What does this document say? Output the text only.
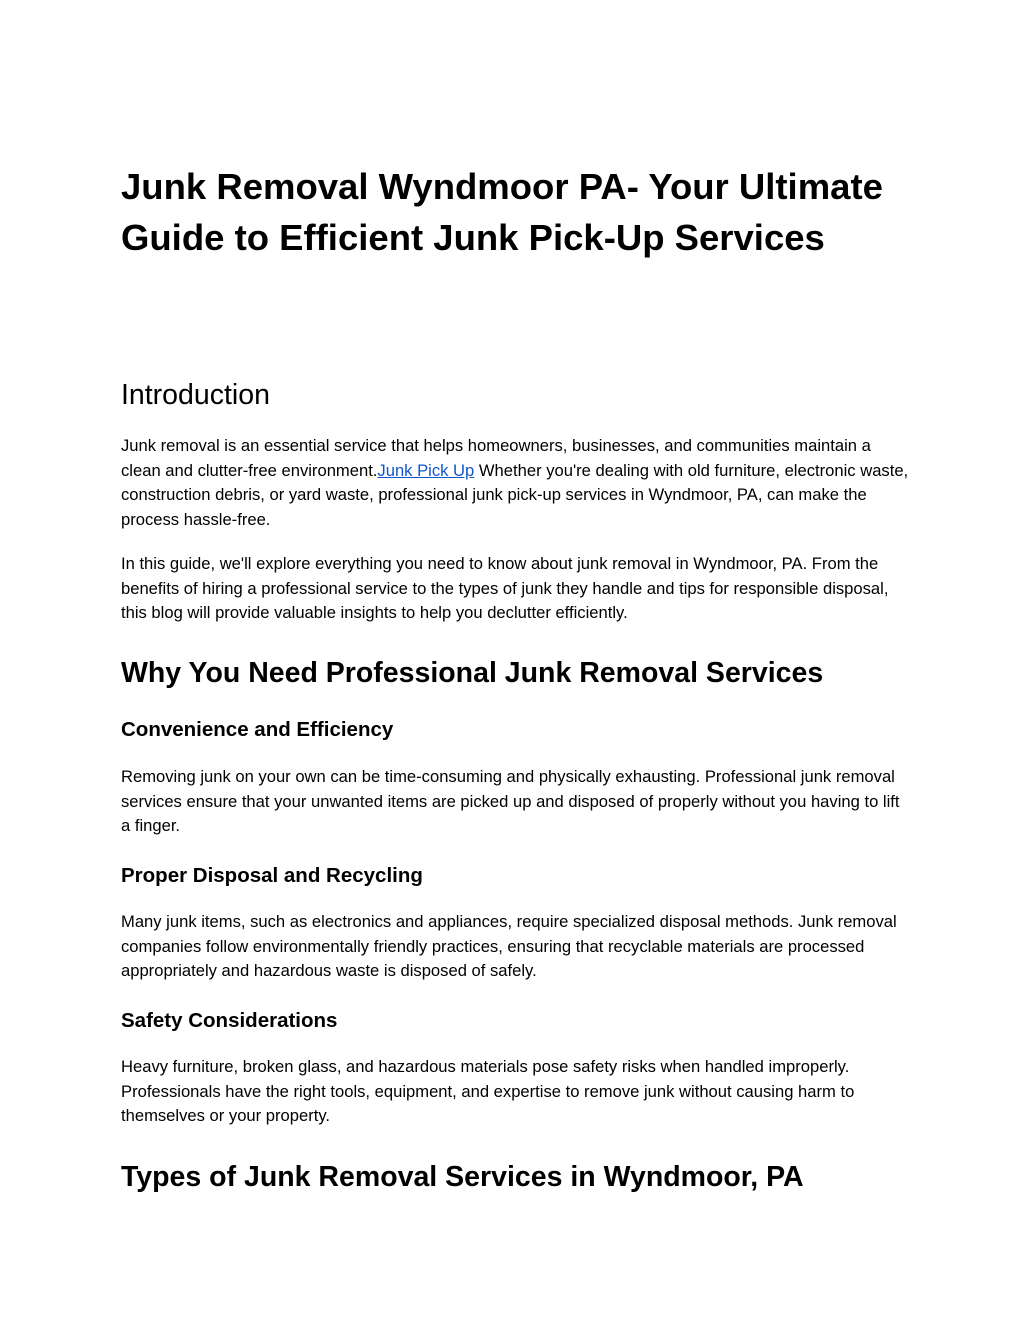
Junk Removal Wyndmoor PA- Your Ultimate Guide to Efficient Junk Pick-Up Services
Introduction

Junk removal is an essential service that helps homeowners, businesses, and communities maintain a clean and clutter-free environment.Junk Pick Up Whether you're dealing with old furniture, electronic waste, construction debris, or yard waste, professional junk pick-up services in Wyndmoor, PA, can make the process hassle-free.

In this guide, we'll explore everything you need to know about junk removal in Wyndmoor, PA. From the benefits of hiring a professional service to the types of junk they handle and tips for responsible disposal, this blog will provide valuable insights to help you declutter efficiently.

Why You Need Professional Junk Removal Services
Convenience and Efficiency

Removing junk on your own can be time-consuming and physically exhausting. Professional junk removal services ensure that your unwanted items are picked up and disposed of properly without you having to lift a finger.

Proper Disposal and Recycling

Many junk items, such as electronics and appliances, require specialized disposal methods. Junk removal companies follow environmentally friendly practices, ensuring that recyclable materials are processed appropriately and hazardous waste is disposed of safely.

Safety Considerations

Heavy furniture, broken glass, and hazardous materials pose safety risks when handled improperly. Professionals have the right tools, equipment, and expertise to remove junk without causing harm to themselves or your property.

Types of Junk Removal Services in Wyndmoor, PA
